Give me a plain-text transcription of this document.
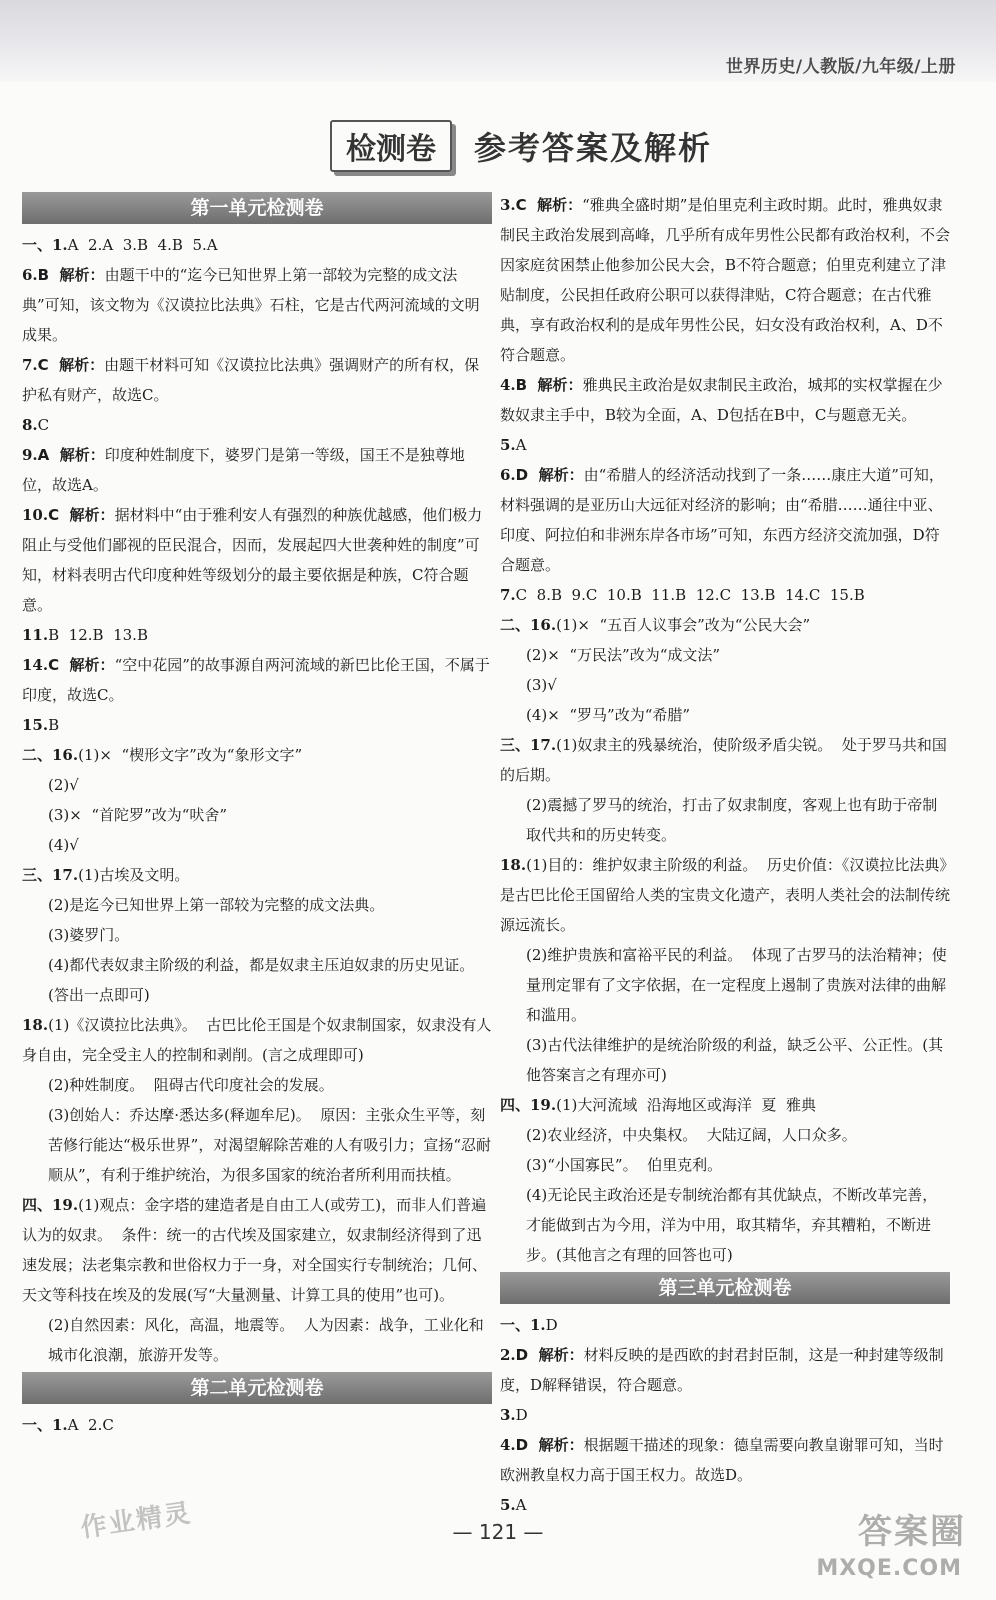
世界历史/人教版/九年级/上册
检测卷	参考答案及解析
第一单元检测卷
一、1.A  2.A  3.B  4.B  5.A
6.B  解析：由题干中的“迄今已知世界上第一部较为完整的成文法典”可知，该文物为《汉谟拉比法典》石柱，它是古代两河流域的文明成果。
7.C  解析：由题干材料可知《汉谟拉比法典》强调财产的所有权，保护私有财产，故选C。
8.C
9.A  解析：印度种姓制度下，婆罗门是第一等级，国王不是独尊地位，故选A。
10.C  解析：据材料中“由于雅利安人有强烈的种族优越感，他们极力阻止与受他们鄙视的臣民混合，因而，发展起四大世袭种姓的制度”可知，材料表明古代印度种姓等级划分的最主要依据是种族，C符合题意。
11.B  12.B  13.B
14.C  解析：“空中花园”的故事源自两河流域的新巴比伦王国，不属于印度，故选C。
15.B
二、16.(1)×  “楔形文字”改为“象形文字”
(2)√
(3)×  “首陀罗”改为“吠舍”
(4)√
三、17.(1)古埃及文明。
(2)是迄今已知世界上第一部较为完整的成文法典。
(3)婆罗门。
(4)都代表奴隶主阶级的利益，都是奴隶主压迫奴隶的历史见证。(答出一点即可)
18.(1)《汉谟拉比法典》。  古巴比伦王国是个奴隶制国家，奴隶没有人身自由，完全受主人的控制和剥削。(言之成理即可)
(2)种姓制度。  阻碍古代印度社会的发展。
(3)创始人：乔达摩·悉达多(释迦牟尼)。  原因：主张众生平等，刻苦修行能达“极乐世界”，对渴望解除苦难的人有吸引力；宣扬“忍耐顺从”，有利于维护统治，为很多国家的统治者所利用而扶植。
四、19.(1)观点：金字塔的建造者是自由工人(或劳工)，而非人们普遍认为的奴隶。  条件：统一的古代埃及国家建立，奴隶制经济得到了迅速发展；法老集宗教和世俗权力于一身，对全国实行专制统治；几何、天文等科技在埃及的发展(写“大量测量、计算工具的使用”也可)。
(2)自然因素：风化，高温，地震等。  人为因素：战争，工业化和城市化浪潮，旅游开发等。
第二单元检测卷
一、1.A  2.C
3.C  解析：“雅典全盛时期”是伯里克利主政时期。此时，雅典奴隶制民主政治发展到高峰，几乎所有成年男性公民都有政治权利，不会因家庭贫困禁止他参加公民大会，B不符合题意；伯里克利建立了津贴制度，公民担任政府公职可以获得津贴，C符合题意；在古代雅典，享有政治权利的是成年男性公民，妇女没有政治权利，A、D不符合题意。
4.B  解析：雅典民主政治是奴隶制民主政治，城邦的实权掌握在少数奴隶主手中，B较为全面，A、D包括在B中，C与题意无关。
5.A
6.D  解析：由“希腊人的经济活动找到了一条……康庄大道”可知，材料强调的是亚历山大远征对经济的影响；由“希腊……通往中亚、印度、阿拉伯和非洲东岸各市场”可知，东西方经济交流加强，D符合题意。
7.C  8.B  9.C  10.B  11.B  12.C  13.B  14.C  15.B
二、16.(1)×  “五百人议事会”改为“公民大会”
(2)×  “万民法”改为“成文法”
(3)√
(4)×  “罗马”改为“希腊”
三、17.(1)奴隶主的残暴统治，使阶级矛盾尖锐。  处于罗马共和国的后期。
(2)震撼了罗马的统治，打击了奴隶制度，客观上也有助于帝制取代共和的历史转变。
18.(1)目的：维护奴隶主阶级的利益。  历史价值：《汉谟拉比法典》是古巴比伦王国留给人类的宝贵文化遗产，表明人类社会的法制传统源远流长。
(2)维护贵族和富裕平民的利益。  体现了古罗马的法治精神；使量刑定罪有了文字依据，在一定程度上遏制了贵族对法律的曲解和滥用。
(3)古代法律维护的是统治阶级的利益，缺乏公平、公正性。(其他答案言之有理亦可)
四、19.(1)大河流域  沿海地区或海洋  夏  雅典
(2)农业经济，中央集权。  大陆辽阔，人口众多。
(3)“小国寡民”。  伯里克利。
(4)无论民主政治还是专制统治都有其优缺点，不断改革完善，才能做到古为今用，洋为中用，取其精华，弃其糟粕，不断进步。(其他言之有理的回答也可)
第三单元检测卷
一、1.D
2.D  解析：材料反映的是西欧的封君封臣制，这是一种封建等级制度，D解释错误，符合题意。
3.D
4.D  解析：根据题干描述的现象：德皇需要向教皇谢罪可知，当时欧洲教皇权力高于国王权力。故选D。
5.A
— 121 —
作业精灵	答案圈
MXQE.COM
